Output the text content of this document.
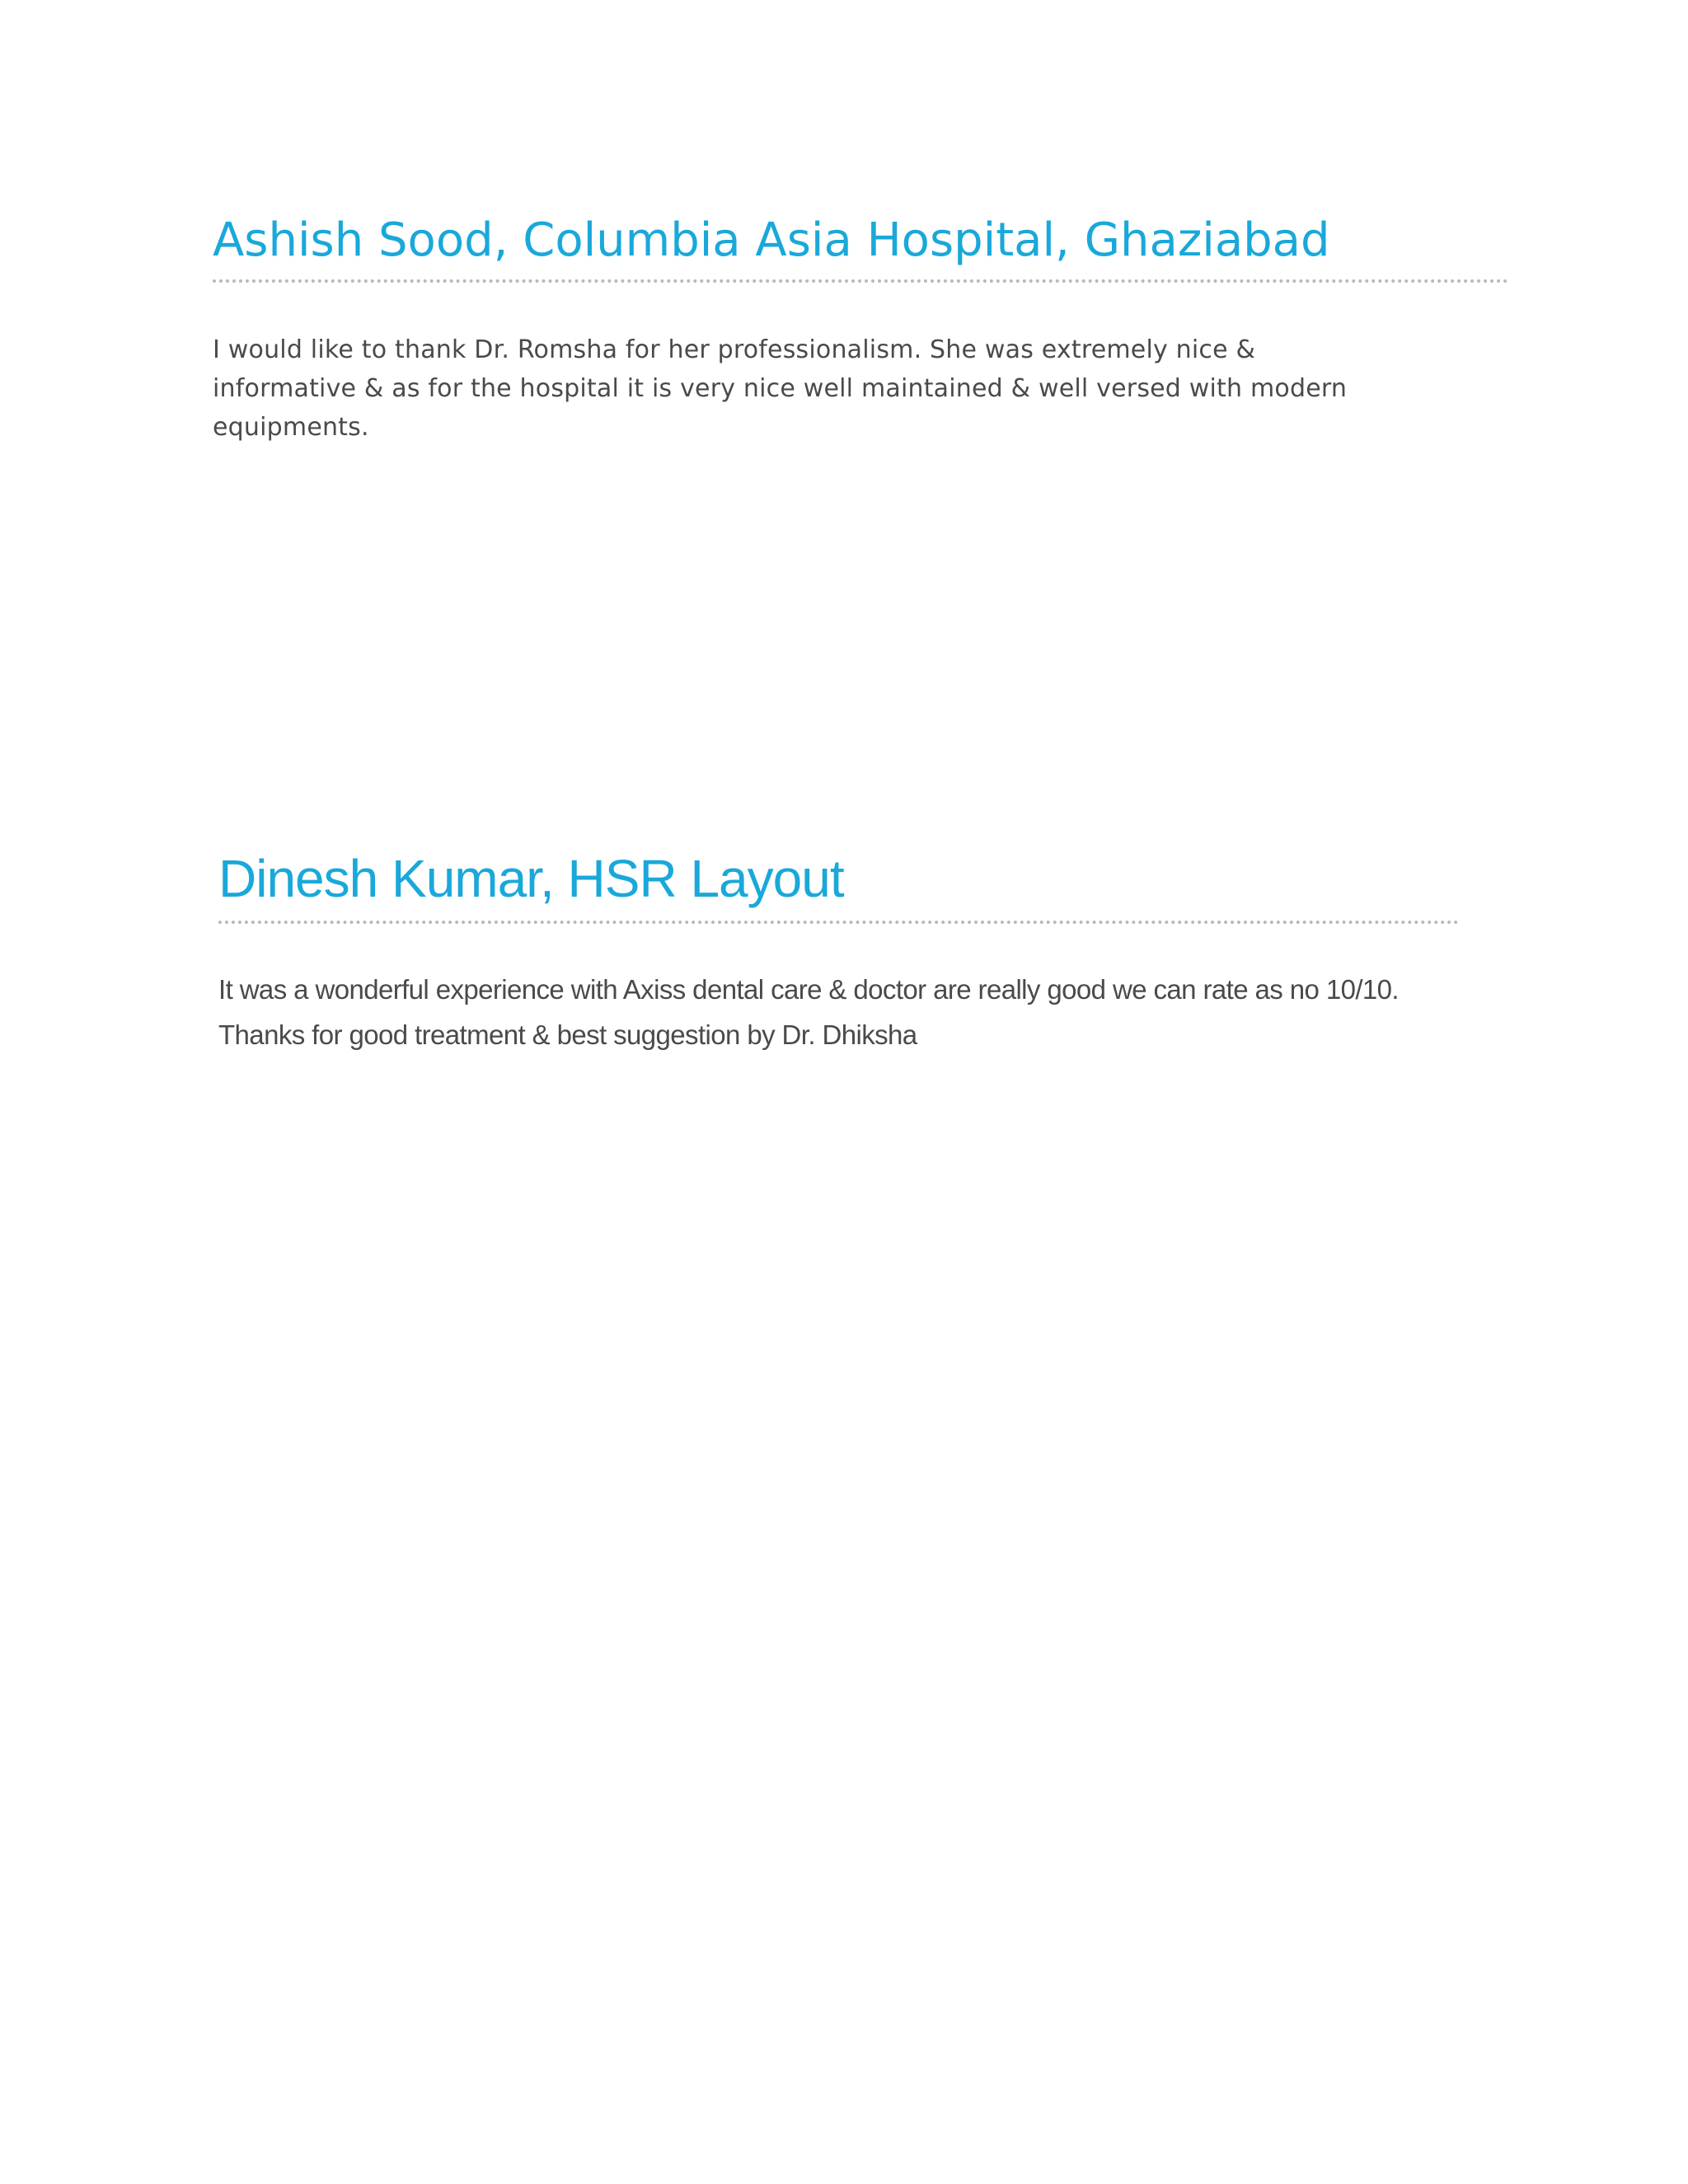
Ashish Sood, Columbia Asia Hospital, Ghaziabad

I would like to thank Dr. Romsha for her professionalism. She was extremely nice & informative & as for the hospital it is very nice well maintained & well versed with modern equipments.

Dinesh Kumar, HSR Layout

It was a wonderful experience with Axiss dental care & doctor are really good we can rate as no 10/10. Thanks for good treatment & best suggestion by Dr. Dhiksha
